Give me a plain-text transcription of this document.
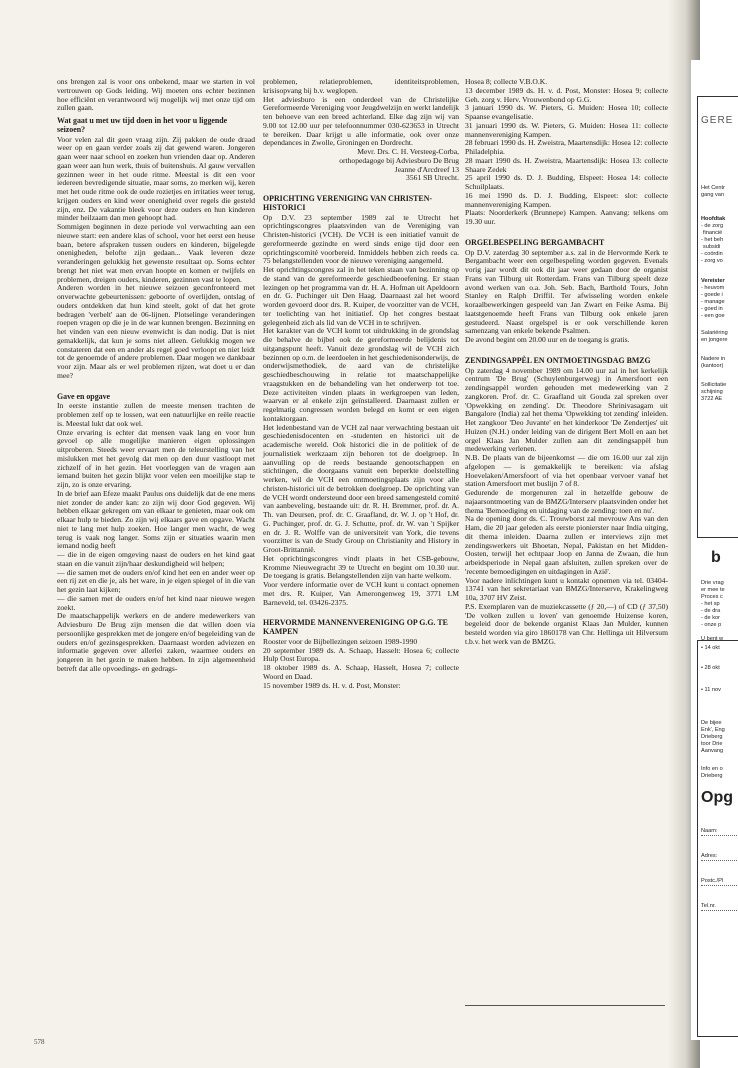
ons brengen zal is voor ons onbekend, maar we starten in vol vertrouwen op Gods leiding. Wij moeten ons echter bezinnen hoe efficiënt en verantwoord wij mogelijk wij met onze tijd om zullen gaan.

Wat gaat u met uw tijd doen in het voor u liggende seizoen?

Voor velen zal dit geen vraag zijn. Zij pakken de oude draad weer op en gaan verder zoals zij dat gewend waren. Jongeren gaan weer naar school en zoeken hun vrienden daar op. Anderen gaan weer aan hun werk, thuis of buitenshuis. Al gauw vervallen gezinnen weer in het oude ritme. Meestal is dit een voor iedereen bevredigende situatie, maar soms, zo merken wij, keren met het oude ritme ook de oude rozietjes en irritaties weer terug, krijgen ouders en kind weer onenigheid over regels die gesteld zijn, enz. De vakantie bleek voor deze ouders en hun kinderen minder heilzaam dan men gehoopt had.

Sommigen beginnen in deze periode vol verwachting aan een nieuwe start: een andere klas of school, voor het eerst een heuse baan, betere afspraken tussen ouders en kinderen, bijgelegde onenigheden, belofte zijn gedaan... Vaak leveren deze veranderingen gelukkig het gewenste resultaat op. Soms echter brengt het niet wat men ervan hoopte en komen er twijfels en problemen, dreigen ouders, kinderen, gezinnen vast te lopen.

Anderen worden in het nieuwe seizoen geconfronteerd met onverwachte gebeurtenissen: geboorte of overlijden, ontslag of ouders ontdekken dat hun kind steelt, gokt of dat het grote bedragen 'verbelt' aan de 06-lijnen. Plotselinge veranderingen roepen vragen op die je in de war kunnen brengen. Bezinning en het vinden van een nieuw evenwicht is dan nodig. Dat is niet gemakkelijk, dat kun je soms niet alleen. Gelukkig mogen we constateren dat een en ander als regel goed verloopt en niet leidt tot de genoemde of andere problemen. Daar mogen we dankbaar voor zijn. Maar als er wel problemen rijzen, wat doet u er dan mee?

Gave en opgave

In eerste instantie zullen de meeste mensen trachten de problemen zelf op te lossen, wat een natuurlijke en reële reactie is. Meestal lukt dat ook wel.

Onze ervaring is echter dat mensen vaak lang en voor hun gevoel op alle mogelijke manieren eigen oplossingen uitproberen. Steeds weer ervaart men de teleurstelling van het mislukken met het gevolg dat men op den duur vastloopt met zichzelf of in het gezin. Het voorleggen van de vragen aan iemand buiten het gezin blijkt voor velen een moeilijke stap te zijn, zo is onze ervaring.

In de brief aan Efeze maakt Paulus ons duidelijk dat de ene mens niet zonder de ander kan: zo zijn wij door God gegeven. Wij hebben elkaar gekregen om van elkaar te genieten, maar ook om elkaar hulp te bieden. Zo zijn wij elkaars gave en opgave. Wacht niet te lang met hulp zoeken. Hoe langer men wacht, de weg terug is vaak nog langer. Soms zijn er situaties waarin men iemand nodig heeft

— die in de eigen omgeving naast de ouders en het kind gaat staan en die vanuit zijn/haar deskundigheid wil helpen;

— die samen met de ouders en/of kind het een en ander weer op een rij zet en die je, als het ware, in je eigen spiegel of in die van het gezin laat kijken;

— die samen met de ouders en/of het kind naar nieuwe wegen zoekt.

De maatschappelijk werkers en de andere medewerkers van Adviesburo De Brug zijn mensen die dat willen doen via persoonlijke gesprekken met de jongere en/of begeleiding van de ouders en/of gezinsgesprekken. Daarnaast worden adviezen en informatie gegeven over allerlei zaken, waarmee ouders en jongeren in het gezin te maken hebben. In zijn algemeenheid betreft dat alle opvoedings- en gedrags-

problemen, relatieproblemen, identiteitsproblemen, krisisopvang bij b.v. weglopen.

Het adviesburo is een onderdeel van de Christelijke Gereformeerde Vereniging voor Jeugdwelzijn en werkt landelijk ten behoeve van een breed achterland. Elke dag zijn wij van 9.00 tot 12.00 uur per telefoonnummer 030-623653 in Utrecht te bereiken. Daar krijgt u alle informatie, ook over onze dependances in Zwolle, Groningen en Dordrecht.

Mevr. Drs. C. H. Versteeg-Corba,

orthopedagoge bij Adviesburo De Brug

Jeanne d'Arcdreef 13

3561 SB Utrecht.

OPRICHTING VERENIGING VAN CHRISTEN-HISTORICI

Op D.V. 23 september 1989 zal te Utrecht het oprichtingscongres plaatsvinden van de Vereniging van Christen-historici (VCH). De VCH is een initiatief vanuit de gereformeerde gezindte en werd sinds enige tijd door een oprichtingscomité voorbereid. Inmiddels hebben zich reeds ca. 75 belangstellenden voor de nieuwe vereniging aangemeld.

Het oprichtingscongres zal in het teken staan van bezinning op de stand van de gereformeerde geschiedbeoefening. Er staan lezingen op het programma van dr. H. A. Hofman uit Apeldoorn en dr. G. Puchinger uit Den Haag. Daarnaast zal het woord worden gevoerd door drs. R. Kuiper, de voorzitter van de VCH, ter toelichting van het initiatief. Op het congres bestaat gelegenheid zich als lid van de VCH in te schrijven.

Het karakter van de VCH komt tot uitdrukking in de grondslag die behalve de bijbel ook de gereformeerde belijdenis tot uitgangspunt heeft. Vanuit deze grondslag wil de VCH zich bezinnen op o.m. de leerdoelen in het geschiedenisonderwijs, de onderwijsmethodiek, de aard van de christelijke geschiedbeschouwing in relatie tot maatschappelijke vraagstukken en de behandeling van het onderwerp tot toe. Deze activiteiten vinden plaats in werkgroepen van leden, waarvan er al enkele zijn geïnstalleerd. Daarnaast zullen er regelmatig congressen worden belegd en komt er een eigen kontaktorgaan.

Het ledenbestand van de VCH zal naar verwachting bestaan uit geschiedenisdocenten en -studenten en historici uit de academische wereld. Ook historici die in de politiek of de journalistiek werkzaam zijn behoren tot de doelgroep. In aanvulling op de reeds bestaande genootschappen en stichtingen, die doorgaans vanuit een beperkte doelstelling werken, wil de VCH een ontmoetingsplaats zijn voor alle christen-historici uit de betrokken doelgroep. De oprichting van de VCH wordt ondersteund door een breed samengesteld comité van aanbeveling, bestaande uit: dr. R. H. Bremmer, prof. dr. A. Th. van Deursen, prof. dr. C. Graafland, dr. W. J. op 't Hof, dr. G. Puchinger, prof. dr. G. J. Schutte, prof. dr. W. van 't Spijker en dr. J. R. Wolffe van de universiteit van York, die tevens voorzitter is van de Study Group on Christianity and History in Groot-Brittannië.

Het oprichtingscongres vindt plaats in het CSB-gebouw, Kromme Nieuwegracht 39 te Utrecht en begint om 10.30 uur. De toegang is gratis. Belangstellenden zijn van harte welkom.

Voor verdere informatie over de VCH kunt u contact opnemen met drs. R. Kuiper, Van Amerongenweg 19, 3771 LM Barneveld, tel. 03426-2375.

HERVORMDE MANNENVERENIGING OP G.G. TE KAMPEN

Rooster voor de Bijbellezingen seizoen 1989-1990

20 september 1989 ds. A. Schaap, Hasselt: Hosea 6; collecte Hulp Oost Europa.

18 oktober 1989 ds. A. Schaap, Hasselt, Hosea 7; collecte Woord en Daad.

15 november 1989 ds. H. v. d. Post, Monster:

Hosea 8; collecte V.B.O.K.

13 december 1989 ds. H. v. d. Post, Monster: Hosea 9; collecte Geh. zorg v. Herv. Vrouwenbond op G.G.

3 januari 1990 ds. W. Pieters, G. Muiden: Hosea 10; collecte Spaanse evangelisatie.

31 januari 1990 ds. W. Pieters, G. Muiden: Hosea 11: collecte mannenvereniging Kampen.

28 februari 1990 ds. H. Zweistra, Maartensdijk: Hosea 12: collecte Philadelphia.

28 maart 1990 ds. H. Zweistra, Maartensdijk: Hosea 13: collecte Shaare Zedek

25 april 1990 ds. D. J. Budding, Elspeet: Hosea 14: collecte Schuilplaats.

16 mei 1990 ds. D. J. Budding, Elspeet: slot: collecte mannenvereniging Kampen.

Plaats: Noorderkerk (Brunnepe) Kampen. Aanvang: telkens om 19.30 uur.

ORGELBESPELING BERGAMBACHT

Op D.V. zaterdag 30 september a.s. zal in de Hervormde Kerk te Bergambacht weer een orgelbespeling worden gegeven. Evenals vorig jaar wordt dit ook dit jaar weer gedaan door de organist Frans van Tilburg uit Rotterdam. Frans van Tilburg speelt deze avond werken van o.a. Joh. Seb. Bach, Barthold Tours, John Stanley en Ralph Driffil. Ter afwisseling worden enkele koraalbewerkingen gespeeld van Jan Zwart en Feike Asma. Bij laatstgenoemde heeft Frans van Tilburg ook enkele jaren gestudeerd. Naast orgelspel is er ook verschillende keren samenzang van enkele bekende Psalmen.

De avond begint om 20.00 uur en de toegang is gratis.

ZENDINGSAPPÈL EN ONTMOETINGSDAG BMZG

Op zaterdag 4 november 1989 om 14.00 uur zal in het kerkelijk centrum 'De Brug' (Schuylenburgerweg) in Amersfoort een zendingsappèl worden gehouden met medewerking van 2 zangkoren. Prof. dr. C. Graafland uit Gouda zal spreken over 'Opwekking en zending'. Dr. Theodore Shrinivasagam uit Bangalore (India) zal het thema 'Opwekking tot zending' inleiden. Het zangkoor 'Deo Juvante' en het kinderkoor 'De Zendertjes' uit Huizen (N.H.) onder leiding van de dirigent Bert Moll en aan het orgel Klaas Jan Mulder zullen aan dit zendingsappèl hun medewerking verlenen.

N.B. De plaats van de bijeenkomst — die om 16.00 uur zal zijn afgelopen — is gemakkelijk te bereiken: via afslag Hoevelaken/Amersfoort of via het openbaar vervoer vanaf het station Amersfoort met buslijn 7 of 8.

Gedurende de morgenuren zal in hetzelfde gebouw de najaarsontmoeting van de BMZG/Interserv plaatsvinden onder het thema 'Bemoediging en uitdaging van de zending: toen en nu'.

Na de opening door ds. C. Trouwborst zal mevrouw Ans van den Ham, die 20 jaar geleden als eerste pionierster naar India uitging, dit thema inleiden. Daarna zullen er interviews zijn met zendingswerkers uit Bhoetan, Nepal, Pakistan en het Midden-Oosten, terwijl het echtpaar Joop en Janna de Zwaan, die hun arbeidsperiode in Nepal gaan afsluiten, zullen spreken over de 'recente bemoedigingen en uitdagingen in Azië'.

Voor nadere inlichtingen kunt u kontakt opnemen via tel. 03404-13741 van het sekretariaat van BMZG/Interserve, Krakelingweg 10a, 3707 HV Zeist.

P.S. Exemplaren van de muziekcassette (ƒ 20,—) of CD (ƒ 37,50) 'De volken zullen u loven' van genoemde Huizense koren, begeleid door de bekende organist Klaas Jan Mulder, kunnen besteld worden via giro 1860178 van Chr. Hellinga uit Hilversum t.b.v. het werk van de BMZG.

578
GERE
Het Centr
gang van
Hoofdtak
- de zorg
financië
- het beh
subsidi
- coördin
- zorg vo
Vereister
- heuvom
- goede i
- manage
- goed in
- een goe
Salariëring
en jongere
Nadere in
(kantoor)
Sollicitatie
schijning
3722 AE
b
Drie vrag
er mee te
Proces c
- het sp
- de dra
- de kor
- onze p
U bent w
• 14 okt
• 28 okt
• 11 nov
De bijee
Enk', Eng
Drieberg
toor Drie
Aanvang
Info en o
Drieberg
Opg
Naam:
Adres:
Postc./Pl
Tel.nr.
